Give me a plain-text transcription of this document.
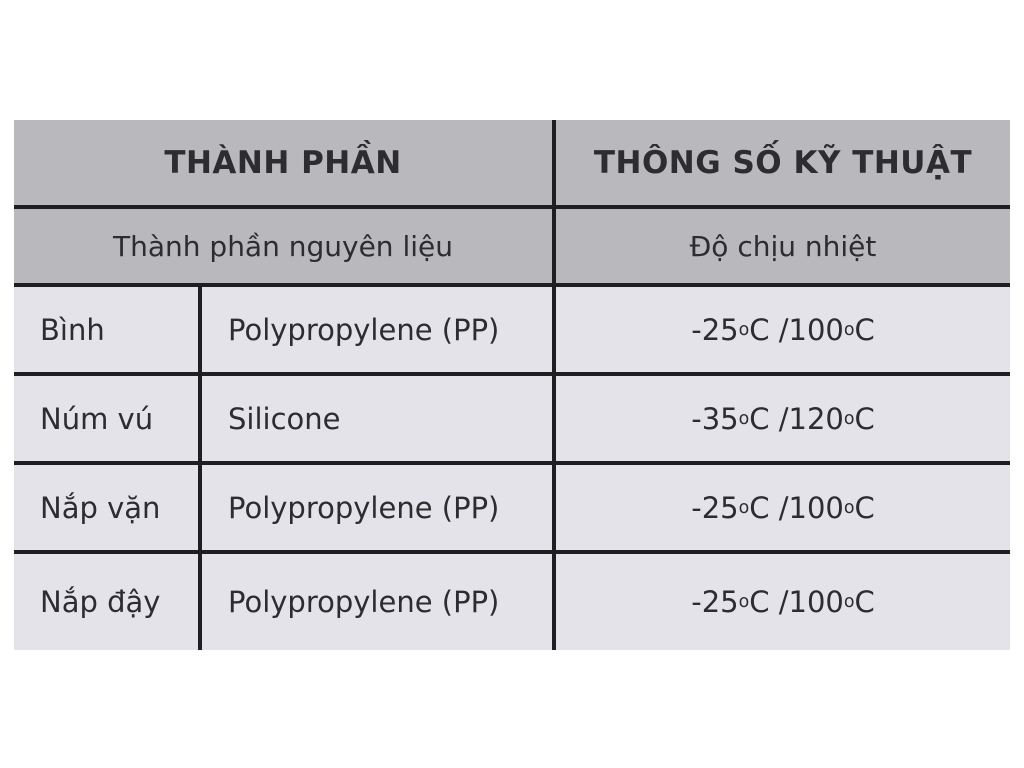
THÀNH PHẦN	THÔNG SỐ KỸ THUẬT
Thành phần nguyên liệu	Độ chịu nhiệt
Bình	Polypropylene (PP)	-25 o C / 100 o C
Núm vú	Silicone	-35 o C / 120 o C
Nắp vặn	Polypropylene (PP)	-25 o C / 100 o C
Nắp đậy	Polypropylene (PP)	-25 o C / 100 o C
